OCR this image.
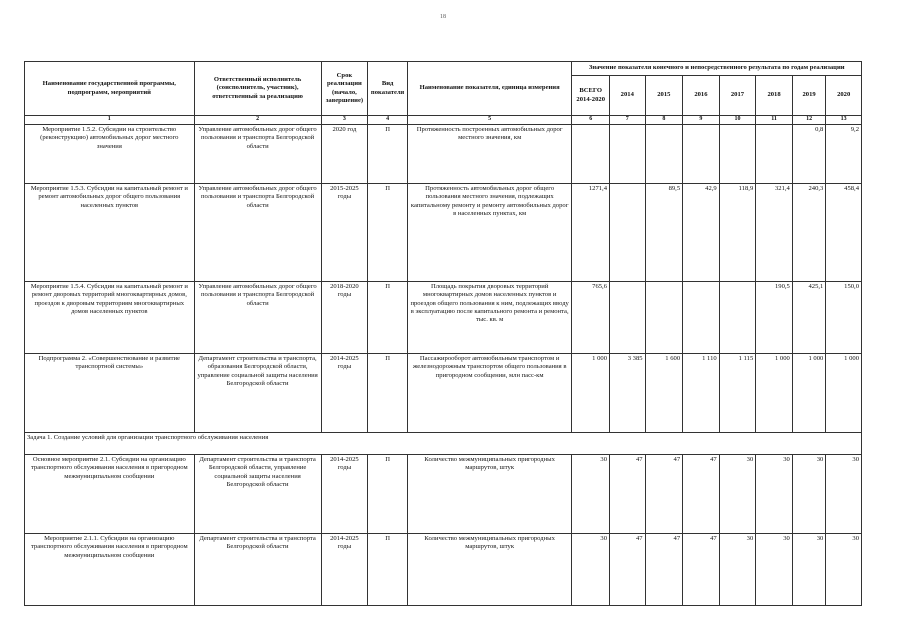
18
Наименование государственной программы, подпрограмм, мероприятий	Ответственный исполнитель (соисполнитель, участник), ответственный за реализацию	Срок реализации (начало, завершение)	Вид показателя	Наименование показателя, единица измерения	Значение показателя конечного и непосредственного результата по годам реализации							
					ВСЕГО 2014-2020	2014	2015	2016	2017	2018	2019	2020
1	2	3	4	5	6	7	8	9	10	11	12	13
Мероприятие 1.5.2. Субсидии на строительство (реконструкцию) автомобильных дорог местного значения	Управление автомобильных дорог общего пользования и транспорта Белгородской области	2020 год	П	Протяженность построенных автомобильных дорог местного значения, км							0,8	9,2
Мероприятие 1.5.3. Субсидии на капитальный ремонт и ремонт автомобильных дорог общего пользования населенных пунктов	Управление автомобильных дорог общего пользования и транспорта Белгородской области	2015-2025 годы	П	Протяженность автомобильных дорог общего пользования местного значения, подлежащих капитальному ремонту и ремонту автомобильных дорог в населенных пунктах, км	1271,4		89,5	42,9	118,9	321,4	240,3	458,4
Мероприятие 1.5.4. Субсидии на капитальный ремонт и ремонт дворовых территорий многоквартирных домов, проездов к дворовым территориям многоквартирных домов населенных пунктов	Управление автомобильных дорог общего пользования и транспорта Белгородской области	2018-2020 годы	П	Площадь покрытия дворовых территорий многоквартирных домов населенных пунктов и проездов общего пользования к ним, подлежащих вводу в эксплуатацию после капитального ремонта и ремонта, тыс. кв. м	765,6					190,5	425,1	150,0
Подпрограмма 2. «Совершенствование и развитие транспортной системы»	Департамент строительства и транспорта, образования Белгородской области, управление социальной защиты населения Белгородской области	2014-2025 годы	П	Пассажирооборот автомобильным транспортом и железнодорожным транспортом общего пользования в пригородном сообщении, млн пасс-км	1 000	3 385	1 600	1 110	1 115	1 000	1 000	1 000
Задача 1. Создание условий для организации транспортного обслуживания населения												
Основное мероприятие 2.1. Субсидии на организацию транспортного обслуживания населения в пригородном межмуниципальном сообщении	Департамент строительства и транспорта Белгородской области, управление социальной защиты населения Белгородской области	2014-2025 годы	П	Количество межмуниципальных пригородных маршрутов, штук	30	47	47	47	30	30	30	30
Мероприятие 2.1.1. Субсидии на организацию транспортного обслуживания населения в пригородном межмуниципальном сообщении	Департамент строительства и транспорта Белгородской области	2014-2025 годы	П	Количество межмуниципальных пригородных маршрутов, штук	30	47	47	47	30	30	30	30
